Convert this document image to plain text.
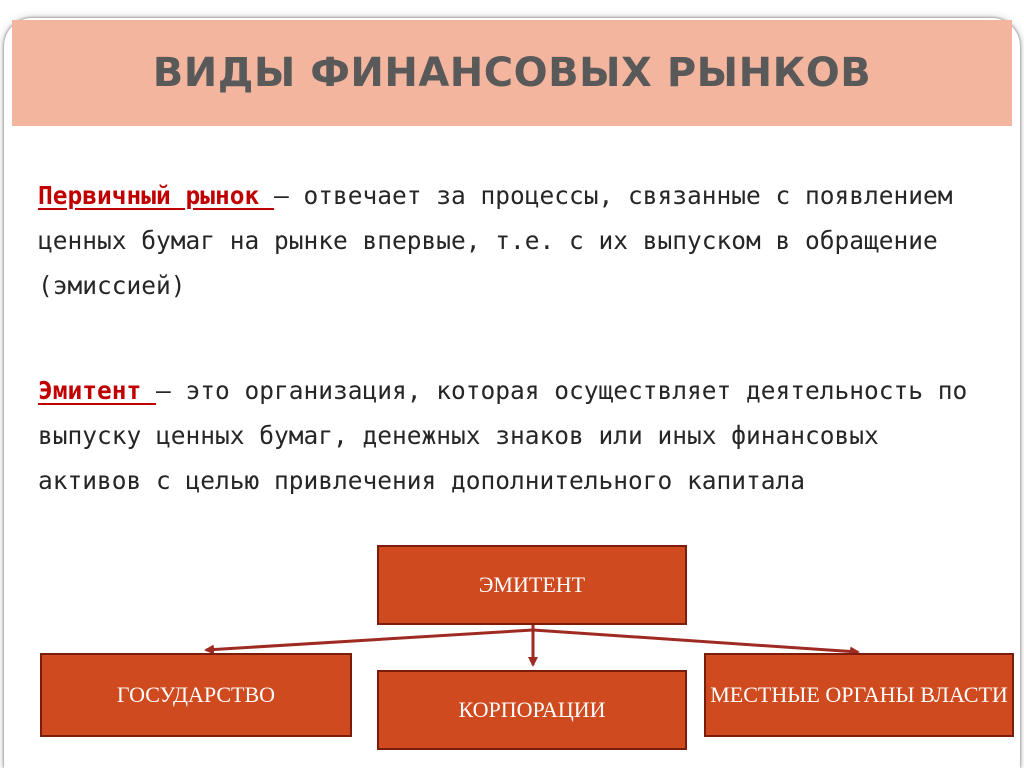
ВИДЫ ФИНАНСОВЫХ РЫНКОВ

Первичный рынок – отвечает за процессы, связанные с появлением ценных бумаг на рынке впервые, т.е. с их выпуском в обращение (эмиссией)

Эмитент — это организация, которая осуществляет деятельность по выпуску ценных бумаг, денежных знаков или иных финансовых активов с целью привлечения дополнительного капитала

ЭМИТЕНТ
ГОСУДАРСТВО
КОРПОРАЦИИ
МЕСТНЫЕ ОРГАНЫ ВЛАСТИ
